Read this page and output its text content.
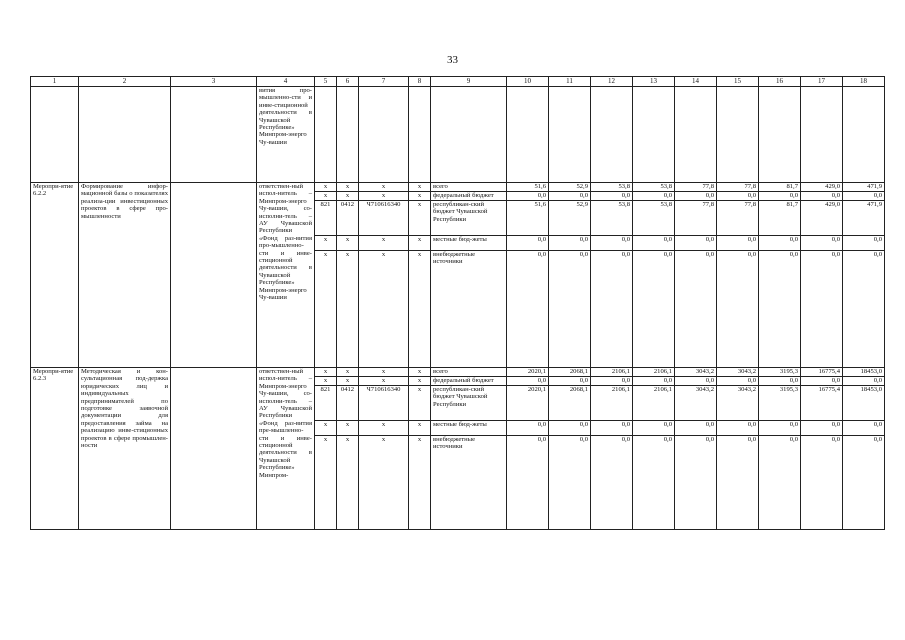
33
1	2	3	4	5	6	7	8	9	10	11	12	13	14	15	16	17	18
			вития про-мышленно-сти и инве-стиционной деятельности в Чувашской Республике» Минпром-энерго Чу-вашии														
Меропри-ятие 6.2.2	Формирование инфор-мационной базы о показателях реализа-ции инвестиционных проектов в сфере про-мышленности		ответствен-ный испол-нитель – Минпром-энерго Чу-вашии, со-исполни-тель – АУ Чувашской Республики «Фонд раз-вития про-мышленно-сти и инве-стиционной деятельности в Чувашской Республике» Минпром-энерго Чу-вашии	х	х	х	х	всего	51,6	52,9	53,8	53,8	77,8	77,8	81,7	429,0	471,9
				х	х	х	х	федеральный бюджет	0,0	0,0	0,0	0,0	0,0	0,0	0,0	0,0	0,0
				821	0412	Ч710616340	х	республикан-ский бюджет Чувашской Республики	51,6	52,9	53,8	53,8	77,8	77,8	81,7	429,0	471,9
				х	х	х	х	местные бюд-жеты	0,0	0,0	0,0	0,0	0,0	0,0	0,0	0,0	0,0
				х	х	х	х	внебюджетные источники	0,0	0,0	0,0	0,0	0,0	0,0	0,0	0,0	0,0
Меропри-ятие 6.2.3	Методическая и кон-сультационная под-держка юридических лиц и индивидуальных предпринимателей по подготовке заявочной документации для предоставления займа на реализацию инве-стиционных проектов в сфере промышлен-ности		ответствен-ный испол-нитель – Минпром-энерго Чу-вашии, со-исполни-тель – АУ Чувашской Республики «Фонд раз-вития пре-мышленно-сти и инве-стиционной деятельности в Чувашской Республике» Минпром-	х	х	х	х	всего	2020,1	2068,1	2106,1	2106,1	3043,2	3043,2	3195,3	16775,4	18453,0
				х	х	х	х	федеральный бюджет	0,0	0,0	0,0	0,0	0,0	0,0	0,0	0,0	0,0
				821	0412	Ч710616340	х	республикан-ский бюджет Чувашской Республики	2020,1	2068,1	2106,1	2106,1	3043,2	3043,2	3195,3	16775,4	18453,0
				х	х	х	х	местные бюд-жеты	0,0	0,0	0,0	0,0	0,0	0,0	0,0	0,0	0,0
				х	х	х	х	внебюджетные источники	0,0	0,0	0,0	0,0	0,0	0,0	0,0	0,0	0,0
